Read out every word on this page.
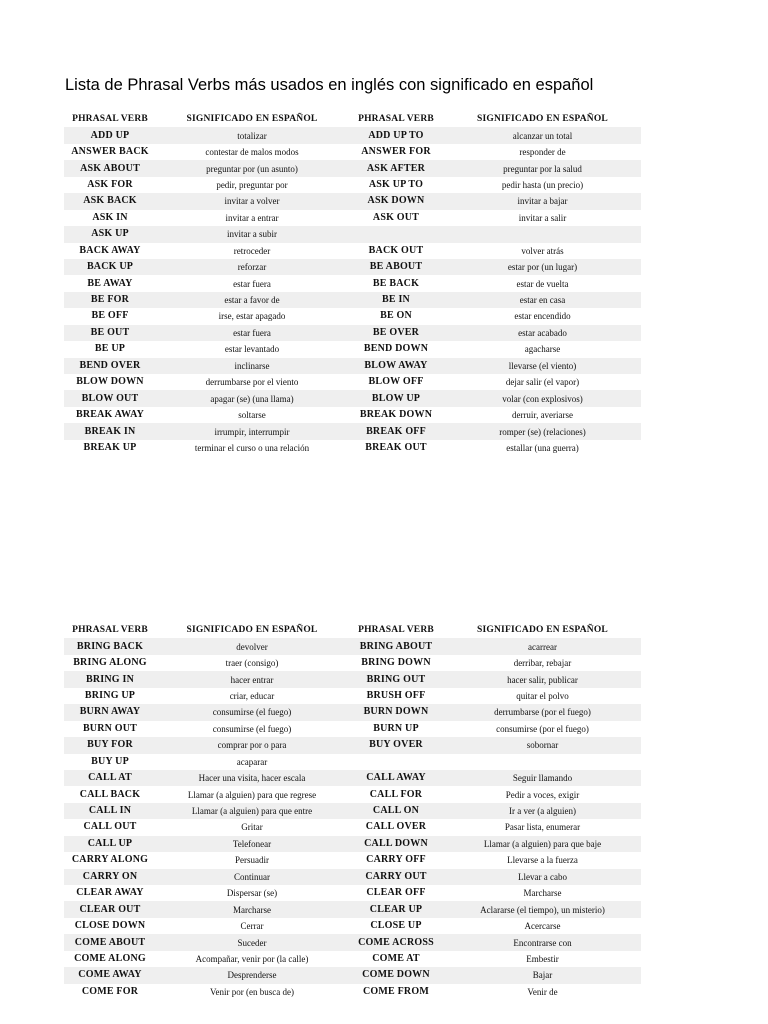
Lista de Phrasal Verbs más usados en inglés con significado en español
PHRASAL VERB	SIGNIFICADO EN ESPAÑOL	PHRASAL VERB	SIGNIFICADO EN ESPAÑOL
ADD UP	totalizar	ADD UP TO	alcanzar un total
ANSWER BACK	contestar de malos modos	ANSWER FOR	responder de
ASK ABOUT	preguntar por (un asunto)	ASK AFTER	preguntar por la salud
ASK FOR	pedir, preguntar por	ASK UP TO	pedir hasta (un precio)
ASK BACK	invitar a volver	ASK DOWN	invitar a bajar
ASK IN	invitar a entrar	ASK OUT	invitar a salir
ASK UP	invitar a subir		
BACK AWAY	retroceder	BACK OUT	volver atrás
BACK UP	reforzar	BE ABOUT	estar por (un lugar)
BE AWAY	estar fuera	BE BACK	estar de vuelta
BE FOR	estar a favor de	BE IN	estar en casa
BE OFF	irse, estar apagado	BE ON	estar encendido
BE OUT	estar fuera	BE OVER	estar acabado
BE UP	estar levantado	BEND DOWN	agacharse
BEND OVER	inclinarse	BLOW AWAY	llevarse (el viento)
BLOW DOWN	derrumbarse por el viento	BLOW OFF	dejar salir (el vapor)
BLOW OUT	apagar (se) (una llama)	BLOW UP	volar (con explosivos)
BREAK AWAY	soltarse	BREAK DOWN	derruir, averiarse
BREAK IN	irrumpir, interrumpir	BREAK OFF	romper (se) (relaciones)
BREAK UP	terminar el curso o una relación	BREAK OUT	estallar (una guerra)
PHRASAL VERB	SIGNIFICADO EN ESPAÑOL	PHRASAL VERB	SIGNIFICADO EN ESPAÑOL
BRING BACK	devolver	BRING ABOUT	acarrear
BRING ALONG	traer (consigo)	BRING DOWN	derribar, rebajar
BRING IN	hacer entrar	BRING OUT	hacer salir, publicar
BRING UP	criar, educar	BRUSH OFF	quitar el polvo
BURN AWAY	consumirse (el fuego)	BURN DOWN	derrumbarse (por el fuego)
BURN OUT	consumirse (el fuego)	BURN UP	consumirse (por el fuego)
BUY FOR	comprar por o para	BUY OVER	sobornar
BUY UP	acaparar		
CALL AT	Hacer una visita, hacer escala	CALL AWAY	Seguir llamando
CALL BACK	Llamar (a alguien) para que regrese	CALL FOR	Pedir a voces, exigir
CALL IN	Llamar (a alguien) para que entre	CALL ON	Ir a ver (a alguien)
CALL OUT	Gritar	CALL OVER	Pasar lista, enumerar
CALL UP	Telefonear	CALL DOWN	Llamar (a alguien) para que baje
CARRY ALONG	Persuadir	CARRY OFF	Llevarse a la fuerza
CARRY ON	Continuar	CARRY OUT	Llevar a cabo
CLEAR AWAY	Dispersar (se)	CLEAR OFF	Marcharse
CLEAR OUT	Marcharse	CLEAR UP	Aclararse (el tiempo), un misterio)
CLOSE DOWN	Cerrar	CLOSE UP	Acercarse
COME ABOUT	Suceder	COME ACROSS	Encontrarse con
COME ALONG	Acompañar, venir por (la calle)	COME AT	Embestir
COME AWAY	Desprenderse	COME DOWN	Bajar
COME FOR	Venir por (en busca de)	COME FROM	Venir de
